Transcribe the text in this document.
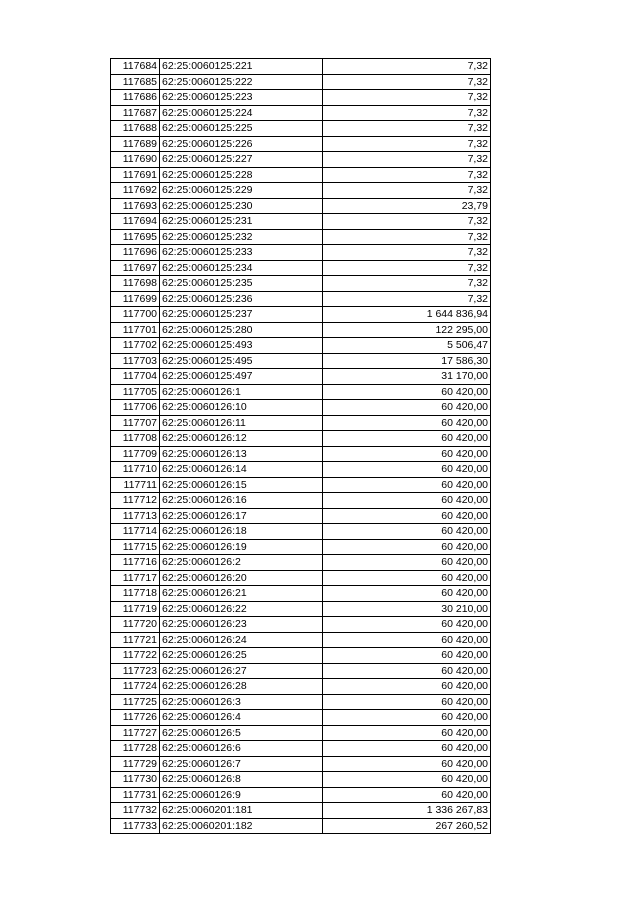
117684	62:25:0060125:221	7,32
117685	62:25:0060125:222	7,32
117686	62:25:0060125:223	7,32
117687	62:25:0060125:224	7,32
117688	62:25:0060125:225	7,32
117689	62:25:0060125:226	7,32
117690	62:25:0060125:227	7,32
117691	62:25:0060125:228	7,32
117692	62:25:0060125:229	7,32
117693	62:25:0060125:230	23,79
117694	62:25:0060125:231	7,32
117695	62:25:0060125:232	7,32
117696	62:25:0060125:233	7,32
117697	62:25:0060125:234	7,32
117698	62:25:0060125:235	7,32
117699	62:25:0060125:236	7,32
117700	62:25:0060125:237	1 644 836,94
117701	62:25:0060125:280	122 295,00
117702	62:25:0060125:493	5 506,47
117703	62:25:0060125:495	17 586,30
117704	62:25:0060125:497	31 170,00
117705	62:25:0060126:1	60 420,00
117706	62:25:0060126:10	60 420,00
117707	62:25:0060126:11	60 420,00
117708	62:25:0060126:12	60 420,00
117709	62:25:0060126:13	60 420,00
117710	62:25:0060126:14	60 420,00
117711	62:25:0060126:15	60 420,00
117712	62:25:0060126:16	60 420,00
117713	62:25:0060126:17	60 420,00
117714	62:25:0060126:18	60 420,00
117715	62:25:0060126:19	60 420,00
117716	62:25:0060126:2	60 420,00
117717	62:25:0060126:20	60 420,00
117718	62:25:0060126:21	60 420,00
117719	62:25:0060126:22	30 210,00
117720	62:25:0060126:23	60 420,00
117721	62:25:0060126:24	60 420,00
117722	62:25:0060126:25	60 420,00
117723	62:25:0060126:27	60 420,00
117724	62:25:0060126:28	60 420,00
117725	62:25:0060126:3	60 420,00
117726	62:25:0060126:4	60 420,00
117727	62:25:0060126:5	60 420,00
117728	62:25:0060126:6	60 420,00
117729	62:25:0060126:7	60 420,00
117730	62:25:0060126:8	60 420,00
117731	62:25:0060126:9	60 420,00
117732	62:25:0060201:181	1 336 267,83
117733	62:25:0060201:182	267 260,52
